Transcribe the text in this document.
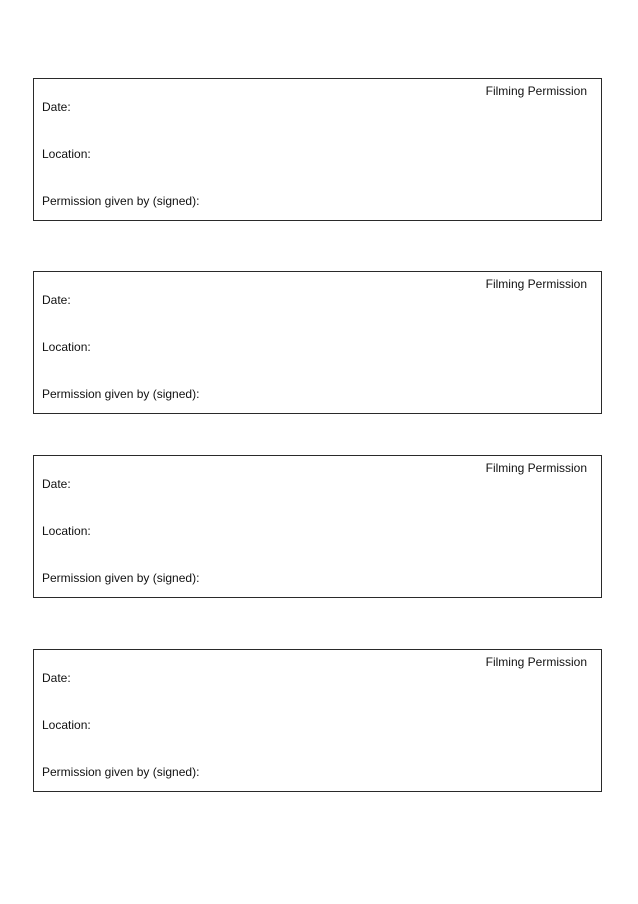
Filming Permission
Date:
Location:
Permission given by (signed):
Filming Permission
Date:
Location:
Permission given by (signed):
Filming Permission
Date:
Location:
Permission given by (signed):
Filming Permission
Date:
Location:
Permission given by (signed):
